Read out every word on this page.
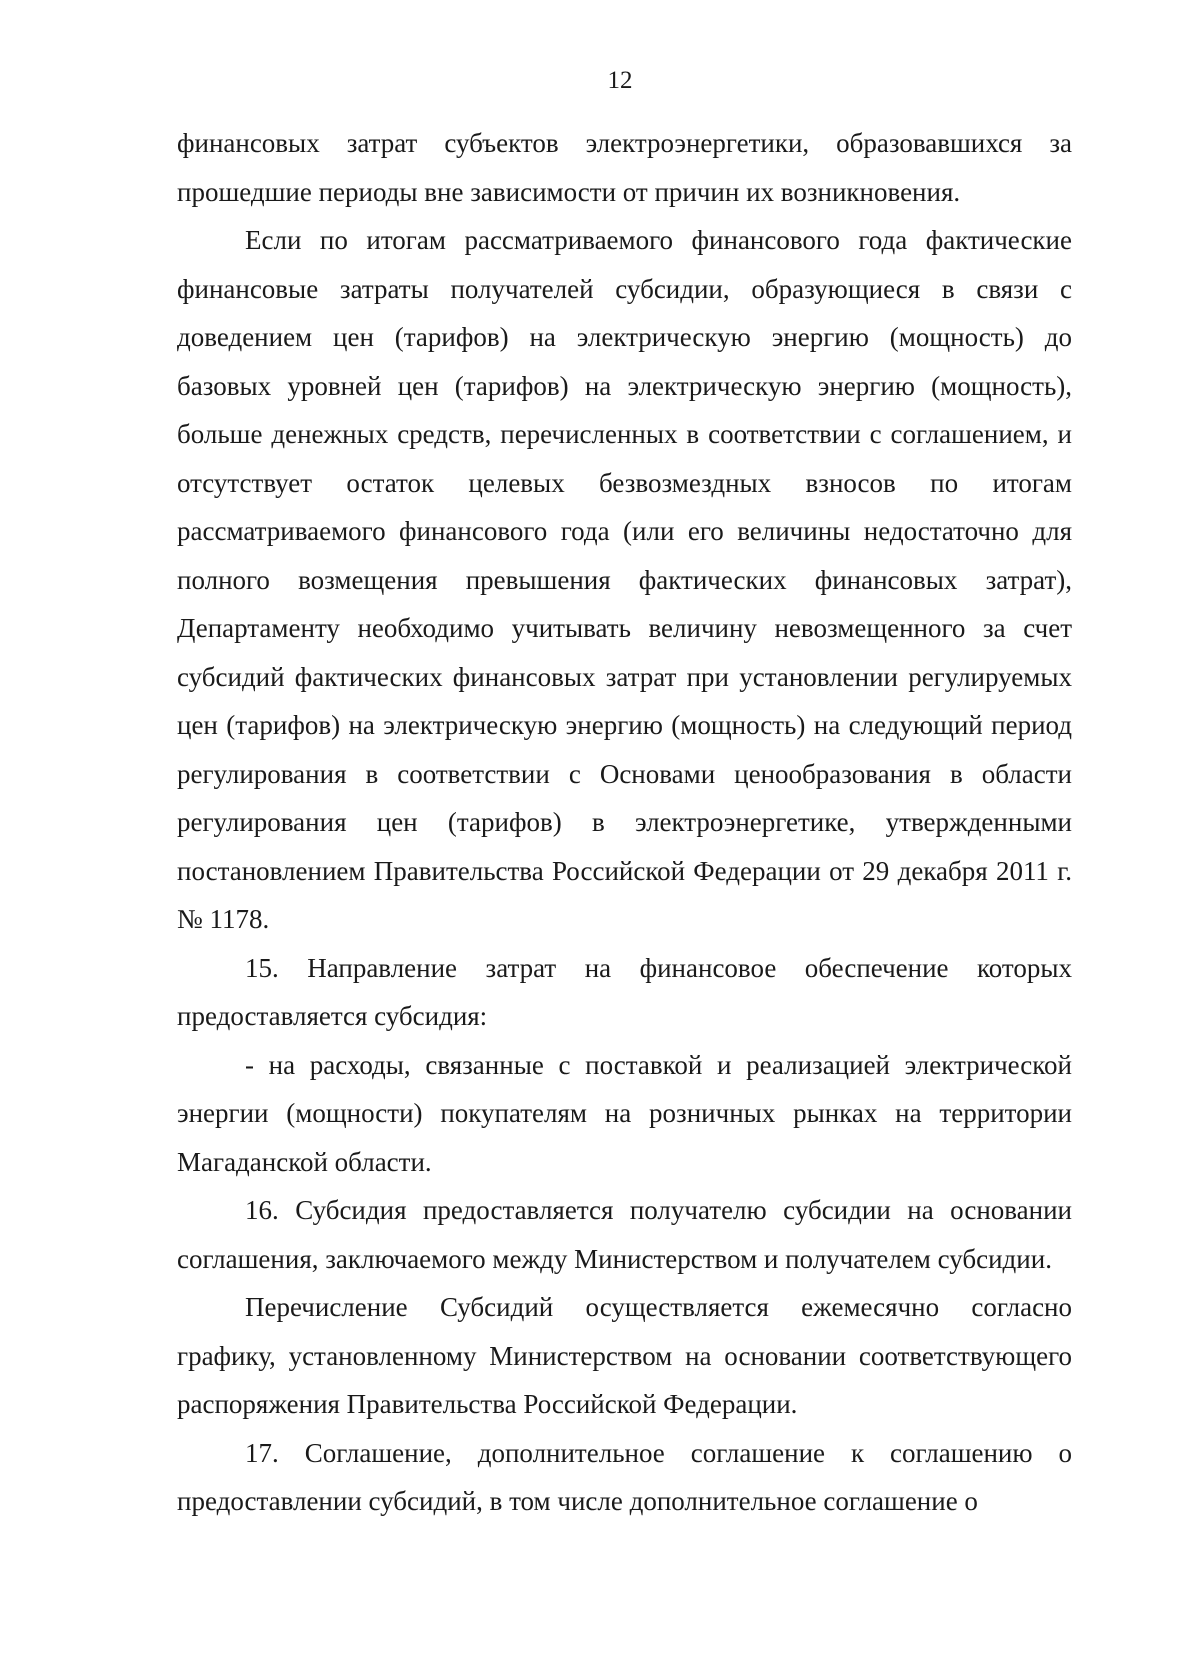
12

финансовых затрат субъектов электроэнергетики, образовавшихся за прошедшие периоды вне зависимости от причин их возникновения.

Если по итогам рассматриваемого финансового года фактические финансовые затраты получателей субсидии, образующиеся в связи с доведением цен (тарифов) на электрическую энергию (мощность) до базовых уровней цен (тарифов) на электрическую энергию (мощность), больше денежных средств, перечисленных в соответствии с соглашением, и отсутствует остаток целевых безвозмездных взносов по итогам рассматриваемого финансового года (или его величины недостаточно для полного возмещения превышения фактических финансовых затрат), Департаменту необходимо учитывать величину невозмещенного за счет субсидий фактических финансовых затрат при установлении регулируемых цен (тарифов) на электрическую энергию (мощность) на следующий период регулирования в соответствии с Основами ценообразования в области регулирования цен (тарифов) в электроэнергетике, утвержденными постановлением Правительства Российской Федерации от 29 декабря 2011 г. № 1178.

15. Направление затрат на финансовое обеспечение которых предоставляется субсидия:

- на расходы, связанные с поставкой и реализацией электрической энергии (мощности) покупателям на розничных рынках на территории Магаданской области.

16. Субсидия предоставляется получателю субсидии на основании соглашения, заключаемого между Министерством и получателем субсидии.

Перечисление Субсидий осуществляется ежемесячно согласно графику, установленному Министерством на основании соответствующего распоряжения Правительства Российской Федерации.

17. Соглашение, дополнительное соглашение к соглашению о предоставлении субсидий, в том числе дополнительное соглашение о
